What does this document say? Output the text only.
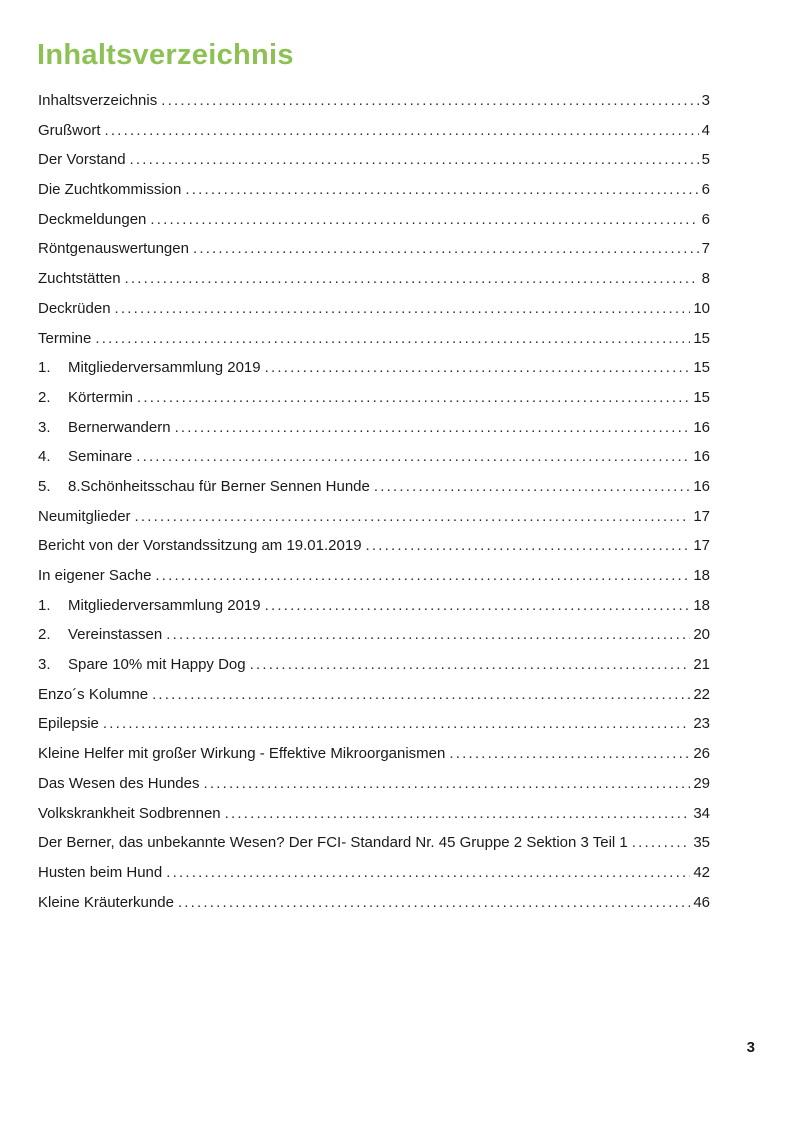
Inhaltsverzeichnis
Inhaltsverzeichnis .....	3
Grußwort .....	4
Der Vorstand .....	5
Die Zuchtkommission .....	6
Deckmeldungen .....	6
Röntgenauswertungen .....	7
Zuchtstätten .....	8
Deckrüden .....	10
Termine .....	15
1.	Mitgliederversammlung 2019 .....	15
2.	Körtermin .....	15
3.	Bernerwandern .....	16
4.	Seminare .....	16
5.	8.Schönheitsschau für Berner Sennen Hunde .....	16
Neumitglieder .....	17
Bericht von der Vorstandssitzung am 19.01.2019 .....	17
In eigener Sache .....	18
1.	Mitgliederversammlung 2019 .....	18
2.	Vereinstassen .....	20
3.	Spare 10% mit Happy Dog .....	21
Enzo´s Kolumne .....	22
Epilepsie .....	23
Kleine Helfer mit großer Wirkung - Effektive Mikroorganismen .....	26
Das Wesen des Hundes .....	29
Volkskrankheit Sodbrennen .....	34
Der Berner, das unbekannte Wesen? Der FCI- Standard Nr. 45 Gruppe 2 Sektion 3 Teil 1 .....	35
Husten beim Hund .....	42
Kleine Kräuterkunde .....	46
3
